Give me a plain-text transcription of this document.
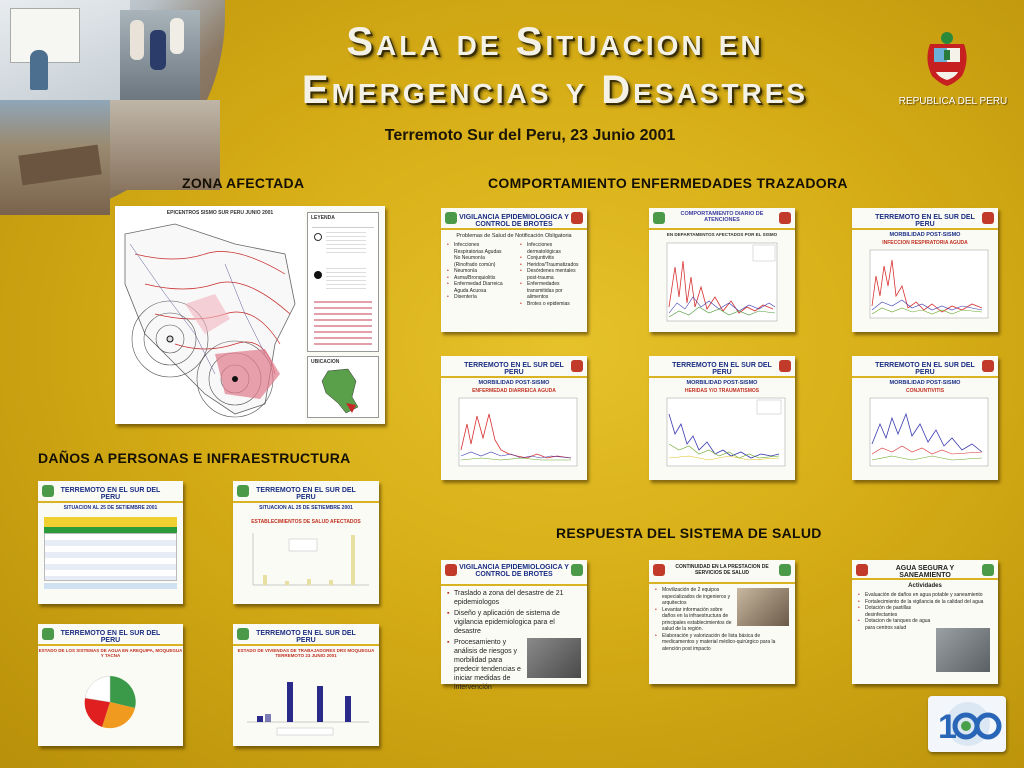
Sala de Situacion en
Emergencias y Desastres
Terremoto Sur del Peru, 23 Junio 2001
REPUBLICA DEL PERU
ZONA AFECTADA	COMPORTAMIENTO ENFERMEDADES TRAZADORA
DAÑOS A PERSONAS E INFRAESTRUCTURA
RESPUESTA DEL SISTEMA DE SALUD
EPICENTROS SISMO SUR PERU JUNIO 2001
LEYENDA
UBICACION
VIGILANCIA EPIDEMIOLOGICA Y CONTROL DE BROTES
Problemas de Salud de Notificación Obligatoria
• Infecciones Respiratorias Agudas No Neumonía (Rinofrado común)
• Neumonía
• Asma/Bronquiolitis
• Enfermedad Diarreica Aguda Acuosa
• Disentería
• Infecciones dermatológicas
• Conjuntivitis
• Heridos/Traumatizados
• Desórdenes mentales post-trauma
• Enfermedades transmitidas por alimentos
• Brotes o epidemias
COMPORTAMIENTO DIARIO DE ATENCIONES
EN DEPARTAMENTOS AFECTADOS POR EL SISMO
TERREMOTO EN EL SUR DEL PERU
MORBILIDAD POST-SISMO
INFECCION RESPIRATORIA AGUDA
TERREMOTO EN EL SUR DEL PERU
MORBILIDAD POST-SISMO
ENFERMEDAD DIARREICA AGUDA
TERREMOTO EN EL SUR DEL PERU
MORBILIDAD POST-SISMO
HERIDAS Y/O TRAUMATISMOS
TERREMOTO EN EL SUR DEL PERU
MORBILIDAD POST-SISMO
CONJUNTIVITIS
TERREMOTO EN EL SUR DEL PERU
SITUACION AL 25 DE SETIEMBRE 2001
TERREMOTO EN EL SUR DEL PERU
SITUACION AL 25 DE SETIEMBRE 2001
ESTABLECIMIENTOS DE SALUD AFECTADOS
TERREMOTO EN EL SUR DEL PERU
ESTADO DE LOS SISTEMAS DE AGUA EN AREQUIPA, MOQUEGUA Y TACNA
TERREMOTO EN EL SUR DEL PERU
ESTADO DE VIVIENDAS DE TRABAJADORES DRS MOQUEGUA TERREMOTO 23 JUNIO 2001
VIGILANCIA EPIDEMIOLOGICA Y CONTROL DE BROTES
▪ Traslado a zona del desastre de 21 epidemiologos
▪ Diseño y aplicación de sistema de vigilancia epidemiologica para el desastre
▪ Procesamiento y análisis de riesgos y morbilidad para predecir tendencias e iniciar medidas de intervención
CONTINUIDAD EN LA PRESTACION DE SERVICIOS DE SALUD
• Movilización de 2 equipos especializados de ingenieros y arquitectos
• Levantar información sobre daños en la infraestructura de principales establecimientos de salud de la región.
• Elaboración y valorización de lista básica de medicamentos y material médico-quirúrgico para la atención post impacto
AGUA SEGURA Y SANEAMIENTO
Actividades
• Evaluación de daños en agua potable y saneamiento
• Fortalecimiento de la vigilancia de la calidad del agua
• Dotación de pastillas desinfectantes
• Dotacion de tanques de agua para centros salud
1
